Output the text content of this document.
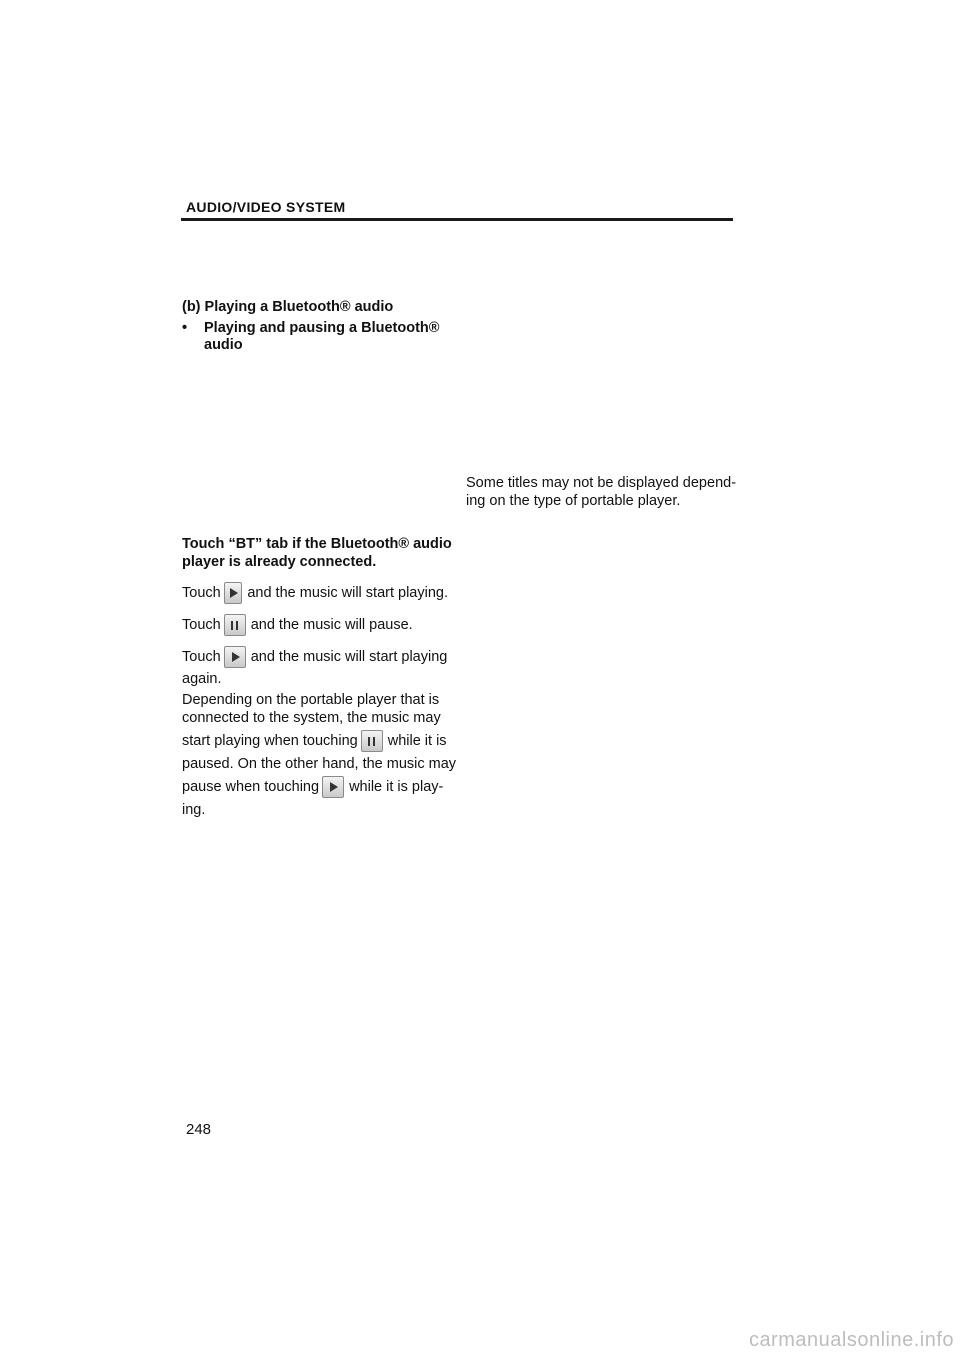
AUDIO/VIDEO SYSTEM
(b) Playing a Bluetooth® audio
•	Playing and pausing a Bluetooth®
audio
Touch “BT” tab if the Bluetooth® audio
player is already connected.
Touch and the music will start playing.
Touch and the music will pause.
Touch and the music will start playing
again.
Depending on the portable player that is
connected to the system, the music may
start playing when touching while it is
paused. On the other hand, the music may
pause when touching while it is play-
ing.
Some titles may not be displayed depend-
ing on the type of portable player.
248
carmanualsonline.info
